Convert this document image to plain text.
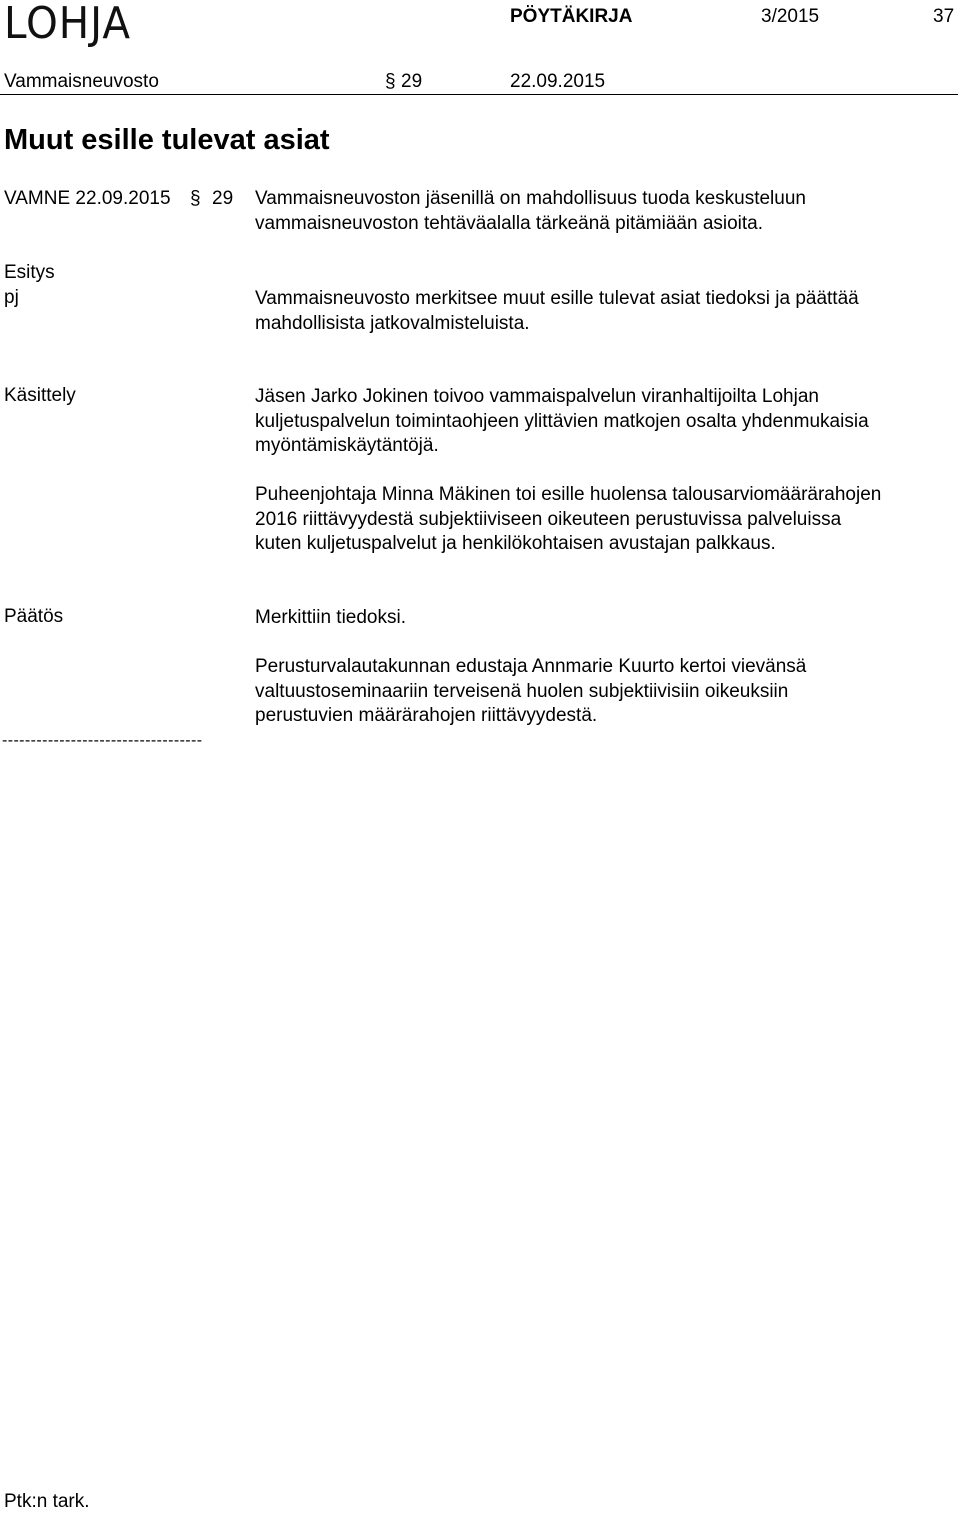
LOHJA	PÖYTÄKIRJA	3/2015	37
Vammaisneuvosto	§ 29	22.09.2015
Muut esille tulevat asiat
VAMNE 22.09.2015 § 29 Vammaisneuvoston jäsenillä on mahdollisuus tuoda keskusteluun
vammaisneuvoston tehtäväalalla tärkeänä pitämiään asioita.
Esitys
pj	Vammaisneuvosto merkitsee muut esille tulevat asiat tiedoksi ja päättää
mahdollisista jatkovalmisteluista.
Käsittely	Jäsen Jarko Jokinen toivoo vammaispalvelun viranhaltijoilta Lohjan
kuljetuspalvelun toimintaohjeen ylittävien matkojen osalta yhdenmukaisia
myöntämiskäytäntöjä.
Puheenjohtaja Minna Mäkinen toi esille huolensa talousarviomäärärahojen
2016 riittävyydestä subjektiiviseen oikeuteen perustuvissa palveluissa
kuten kuljetuspalvelut ja henkilökohtaisen avustajan palkkaus.
Päätös	Merkittiin tiedoksi.
Perusturvalautakunnan edustaja Annmarie Kuurto kertoi vievänsä
valtuustoseminaariin terveisenä huolen subjektiivisiin oikeuksiin
perustuvien määrärahojen riittävyydestä.
-----------------------------------
Ptk:n tark.
